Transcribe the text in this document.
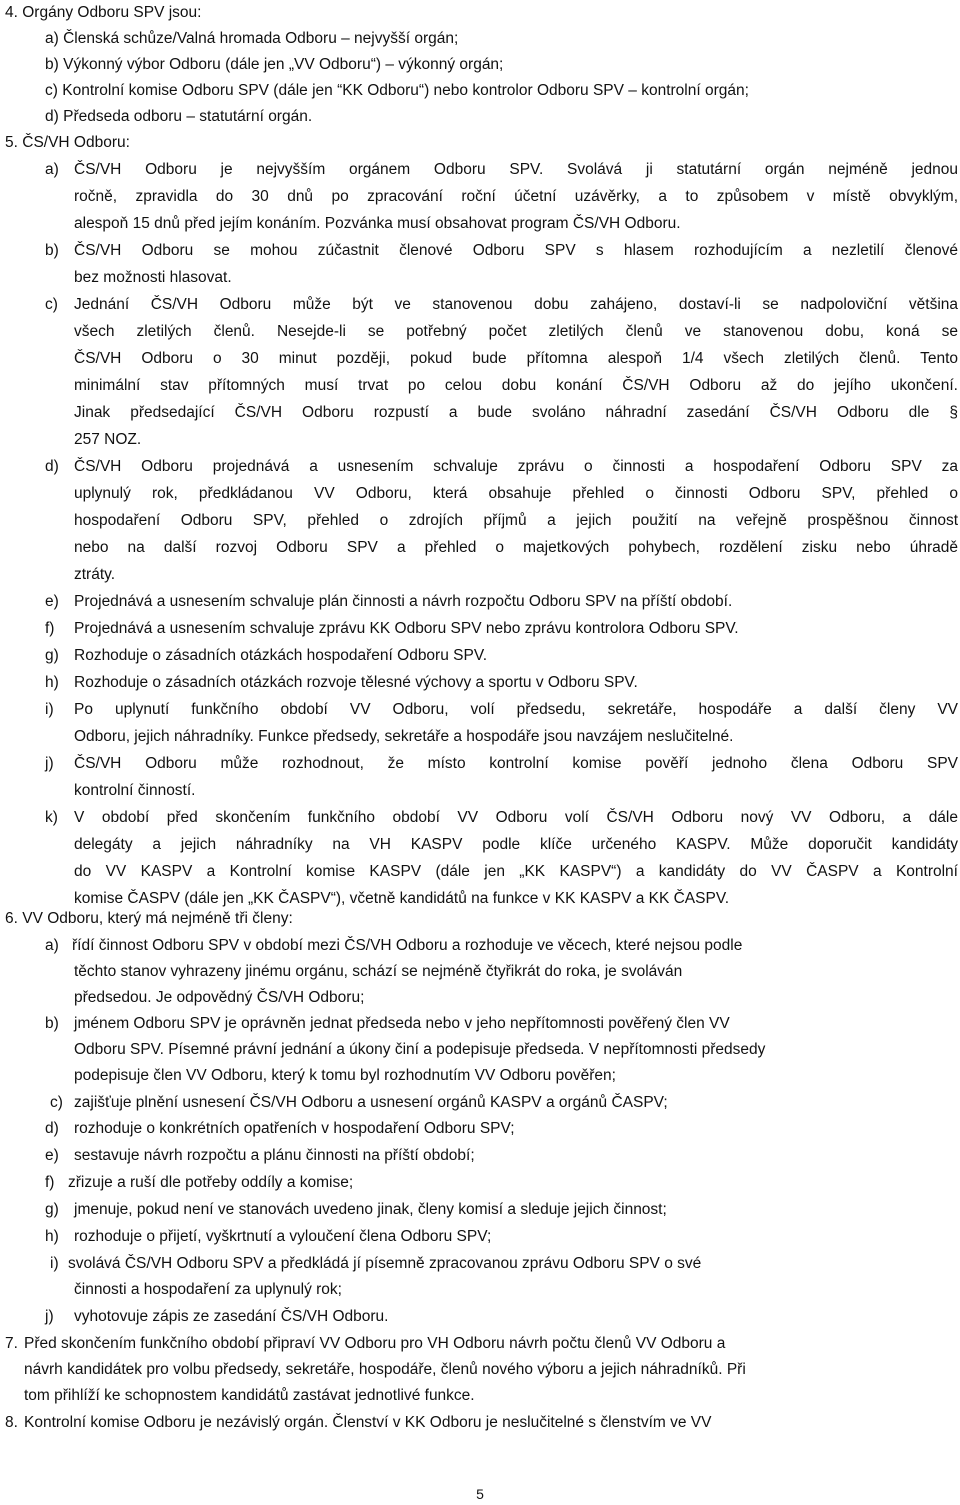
4. Orgány Odboru SPV jsou:
a) Členská schůze/Valná hromada Odboru – nejvyšší orgán;
b) Výkonný výbor Odboru (dále jen „VV Odboru“) – výkonný orgán;
c) Kontrolní komise Odboru SPV (dále jen “KK Odboru“) nebo kontrolor Odboru SPV – kontrolní orgán;
d) Předseda odboru – statutární orgán.
5. ČS/VH Odboru:
a) ČS/VH Odboru je nejvyšším orgánem Odboru SPV. Svolává ji statutární orgán nejméně jednou
ročně, zpravidla do 30 dnů po zpracování roční účetní uzávěrky, a to způsobem v místě obvyklým,
alespoň 15 dnů před jejím konáním. Pozvánka musí obsahovat program ČS/VH Odboru.
b) ČS/VH Odboru se mohou zúčastnit členové Odboru SPV s hlasem rozhodujícím a nezletilí členové
bez možnosti hlasovat.
c) Jednání ČS/VH Odboru může být ve stanovenou dobu zahájeno, dostaví-li se nadpoloviční většina
všech zletilých členů. Nesejde-li se potřebný počet zletilých členů ve stanovenou dobu, koná se
ČS/VH Odboru o 30 minut později, pokud bude přítomna alespoň 1/4 všech zletilých členů. Tento
minimální stav přítomných musí trvat po celou dobu konání ČS/VH Odboru až do jejího ukončení.
Jinak předsedající ČS/VH Odboru rozpustí a bude svoláno náhradní zasedání ČS/VH Odboru dle §
257 NOZ.
d) ČS/VH Odboru projednává a usnesením schvaluje zprávu o činnosti a hospodaření Odboru SPV za
uplynulý rok, předkládanou VV Odboru, která obsahuje přehled o činnosti Odboru SPV, přehled o
hospodaření Odboru SPV, přehled o zdrojích příjmů a jejich použití na veřejně prospěšnou činnost
nebo na další rozvoj Odboru SPV a přehled o majetkových pohybech, rozdělení zisku nebo úhradě
ztráty.
e) Projednává a usnesením schvaluje plán činnosti a návrh rozpočtu Odboru SPV na příští období.
f) Projednává a usnesením schvaluje zprávu KK Odboru SPV nebo zprávu kontrolora Odboru SPV.
g) Rozhoduje o zásadních otázkách hospodaření Odboru SPV.
h) Rozhoduje o zásadních otázkách rozvoje tělesné výchovy a sportu v Odboru SPV.
i) Po uplynutí funkčního období VV Odboru, volí předsedu, sekretáře, hospodáře a další členy VV
Odboru, jejich náhradníky. Funkce předsedy, sekretáře a hospodáře jsou navzájem neslučitelné.
j) ČS/VH Odboru může rozhodnout, že místo kontrolní komise pověří jednoho člena Odboru SPV
kontrolní činností.
k) V období před skončením funkčního období VV Odboru volí ČS/VH Odboru nový VV Odboru, a dále
delegáty a jejich náhradníky na VH KASPV podle klíče určeného KASPV. Může doporučit kandidáty
do VV KASPV a Kontrolní komise KASPV (dále jen „KK KASPV“) a kandidáty do VV ČASPV a Kontrolní
komise ČASPV (dále jen „KK ČASPV“), včetně kandidátů na funkce v KK KASPV a KK ČASPV.
6. VV Odboru, který má nejméně tři členy:
a) řídí činnost Odboru SPV v období mezi ČS/VH Odboru a rozhoduje ve věcech, které nejsou podle
těchto stanov vyhrazeny jinému orgánu, schází se nejméně čtyřikrát do roka, je svoláván
předsedou. Je odpovědný ČS/VH Odboru;
b) jménem Odboru SPV je oprávněn jednat předseda nebo v jeho nepřítomnosti pověřený člen VV
Odboru SPV. Písemné právní jednání a úkony činí a podepisuje předseda. V nepřítomnosti předsedy
podepisuje člen VV Odboru, který k tomu byl rozhodnutím VV Odboru pověřen;
c) zajišťuje plnění usnesení ČS/VH Odboru a usnesení orgánů KASPV a orgánů ČASPV;
d) rozhoduje o konkrétních opatřeních v hospodaření Odboru SPV;
e) sestavuje návrh rozpočtu a plánu činnosti na příští období;
f) zřizuje a ruší dle potřeby oddíly a komise;
g) jmenuje, pokud není ve stanovách uvedeno jinak, členy komisí a sleduje jejich činnost;
h) rozhoduje o přijetí, vyškrtnutí a vyloučení člena Odboru SPV;
i) svolává ČS/VH Odboru SPV a předkládá jí písemně zpracovanou zprávu Odboru SPV o své
činnosti a hospodaření za uplynulý rok;
j) vyhotovuje zápis ze zasedání ČS/VH Odboru.
7. Před skončením funkčního období připraví VV Odboru pro VH Odboru návrh počtu členů VV Odboru a
návrh kandidátek pro volbu předsedy, sekretáře, hospodáře, členů nového výboru a jejich náhradníků. Při
tom přihlíží ke schopnostem kandidátů zastávat jednotlivé funkce.
8. Kontrolní komise Odboru je nezávislý orgán. Členství v KK Odboru je neslučitelné s členstvím ve VV
5
